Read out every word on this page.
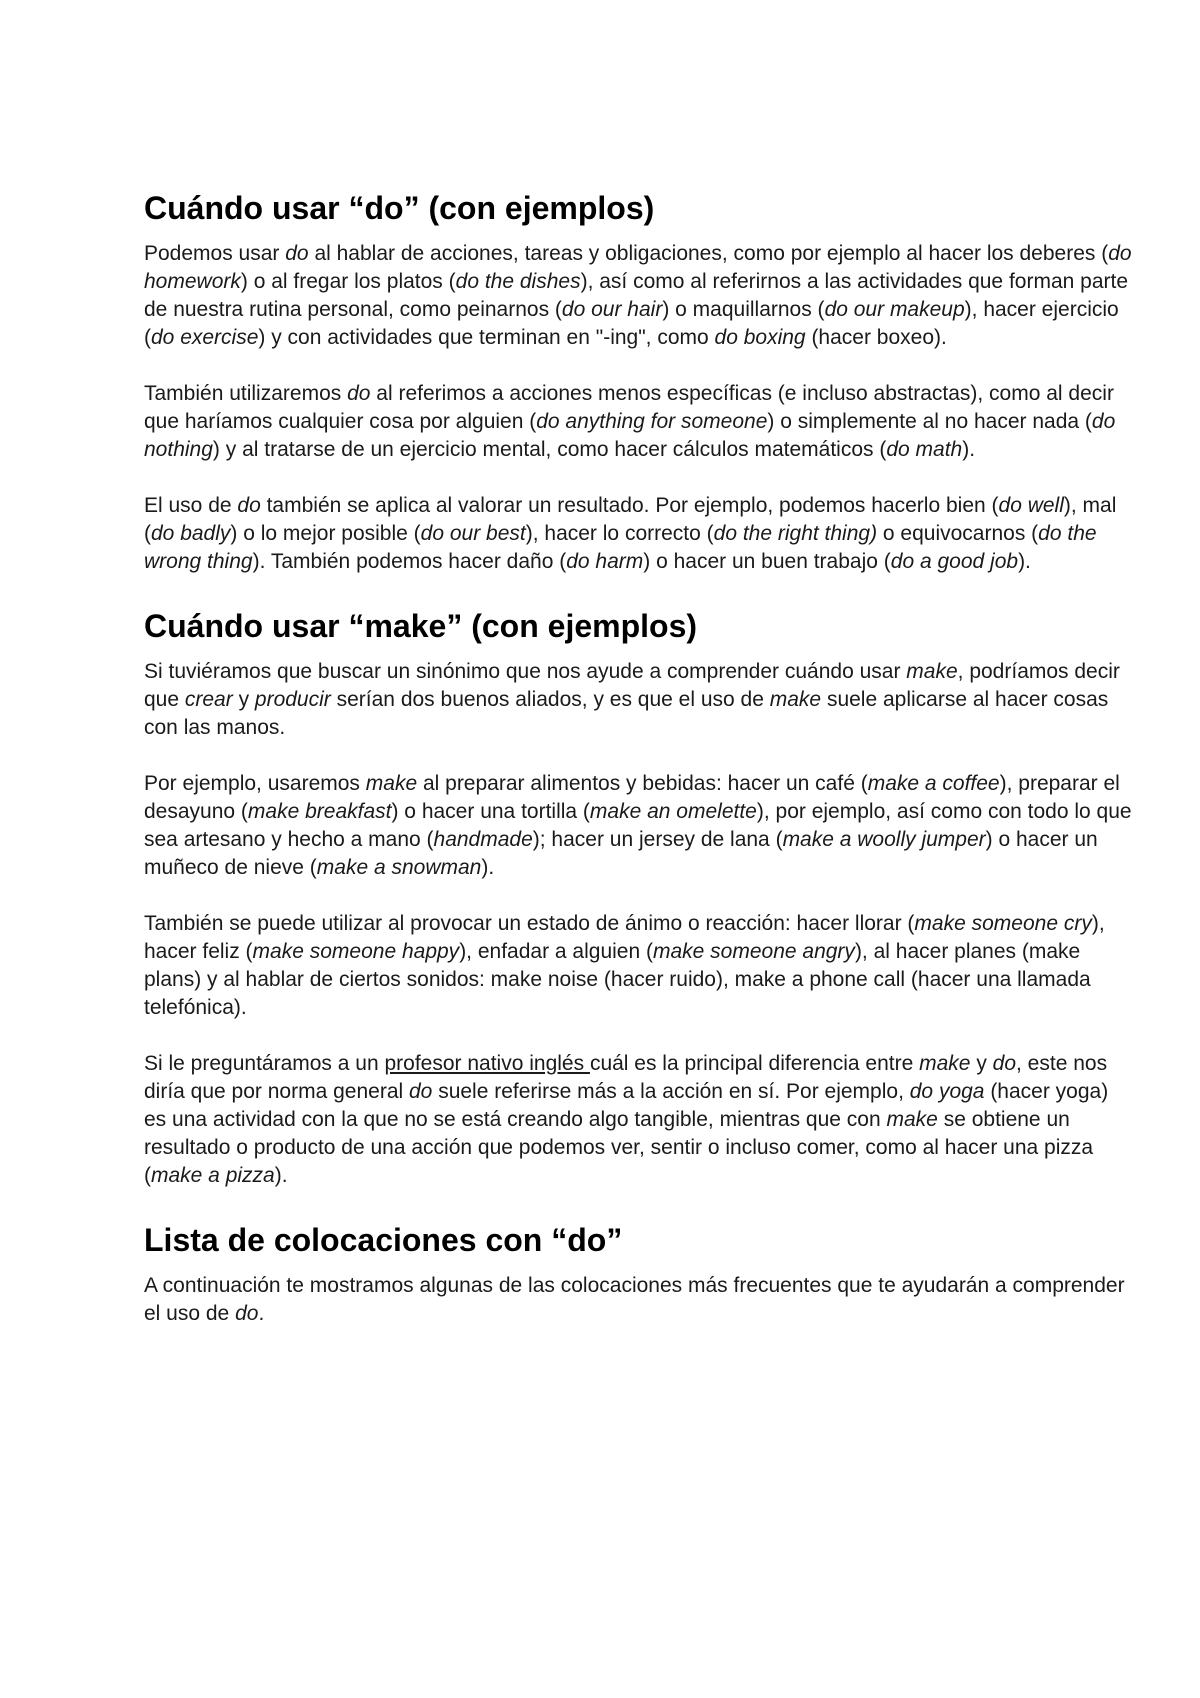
Cuándo usar “do” (con ejemplos)

Podemos usar do al hablar de acciones, tareas y obligaciones, como por ejemplo al hacer los deberes (do homework) o al fregar los platos (do the dishes), así como al referirnos a las actividades que forman parte de nuestra rutina personal, como peinarnos (do our hair) o maquillarnos (do our makeup), hacer ejercicio (do exercise) y con actividades que terminan en "-ing", como do boxing (hacer boxeo).

También utilizaremos do al referimos a acciones menos específicas (e incluso abstractas), como al decir que haríamos cualquier cosa por alguien (do anything for someone) o simplemente al no hacer nada (do nothing) y al tratarse de un ejercicio mental, como hacer cálculos matemáticos (do math).

El uso de do también se aplica al valorar un resultado. Por ejemplo, podemos hacerlo bien (do well), mal (do badly) o lo mejor posible (do our best), hacer lo correcto (do the right thing) o equivocarnos (do the wrong thing). También podemos hacer daño (do harm) o hacer un buen trabajo (do a good job).

Cuándo usar “make” (con ejemplos)

Si tuviéramos que buscar un sinónimo que nos ayude a comprender cuándo usar make, podríamos decir que crear y producir serían dos buenos aliados, y es que el uso de make suele aplicarse al hacer cosas con las manos.

Por ejemplo, usaremos make al preparar alimentos y bebidas: hacer un café (make a coffee), preparar el desayuno (make breakfast) o hacer una tortilla (make an omelette), por ejemplo, así como con todo lo que sea artesano y hecho a mano (handmade); hacer un jersey de lana (make a woolly jumper) o hacer un muñeco de nieve (make a snowman).

También se puede utilizar al provocar un estado de ánimo o reacción: hacer llorar (make someone cry), hacer feliz (make someone happy), enfadar a alguien (make someone angry), al hacer planes (make plans) y al hablar de ciertos sonidos: make noise (hacer ruido), make a phone call (hacer una llamada telefónica).

Si le preguntáramos a un profesor nativo inglés cuál es la principal diferencia entre make y do, este nos diría que por norma general do suele referirse más a la acción en sí. Por ejemplo, do yoga (hacer yoga) es una actividad con la que no se está creando algo tangible, mientras que con make se obtiene un resultado o producto de una acción que podemos ver, sentir o incluso comer, como al hacer una pizza (make a pizza).

Lista de colocaciones con “do”

A continuación te mostramos algunas de las colocaciones más frecuentes que te ayudarán a comprender el uso de do.
